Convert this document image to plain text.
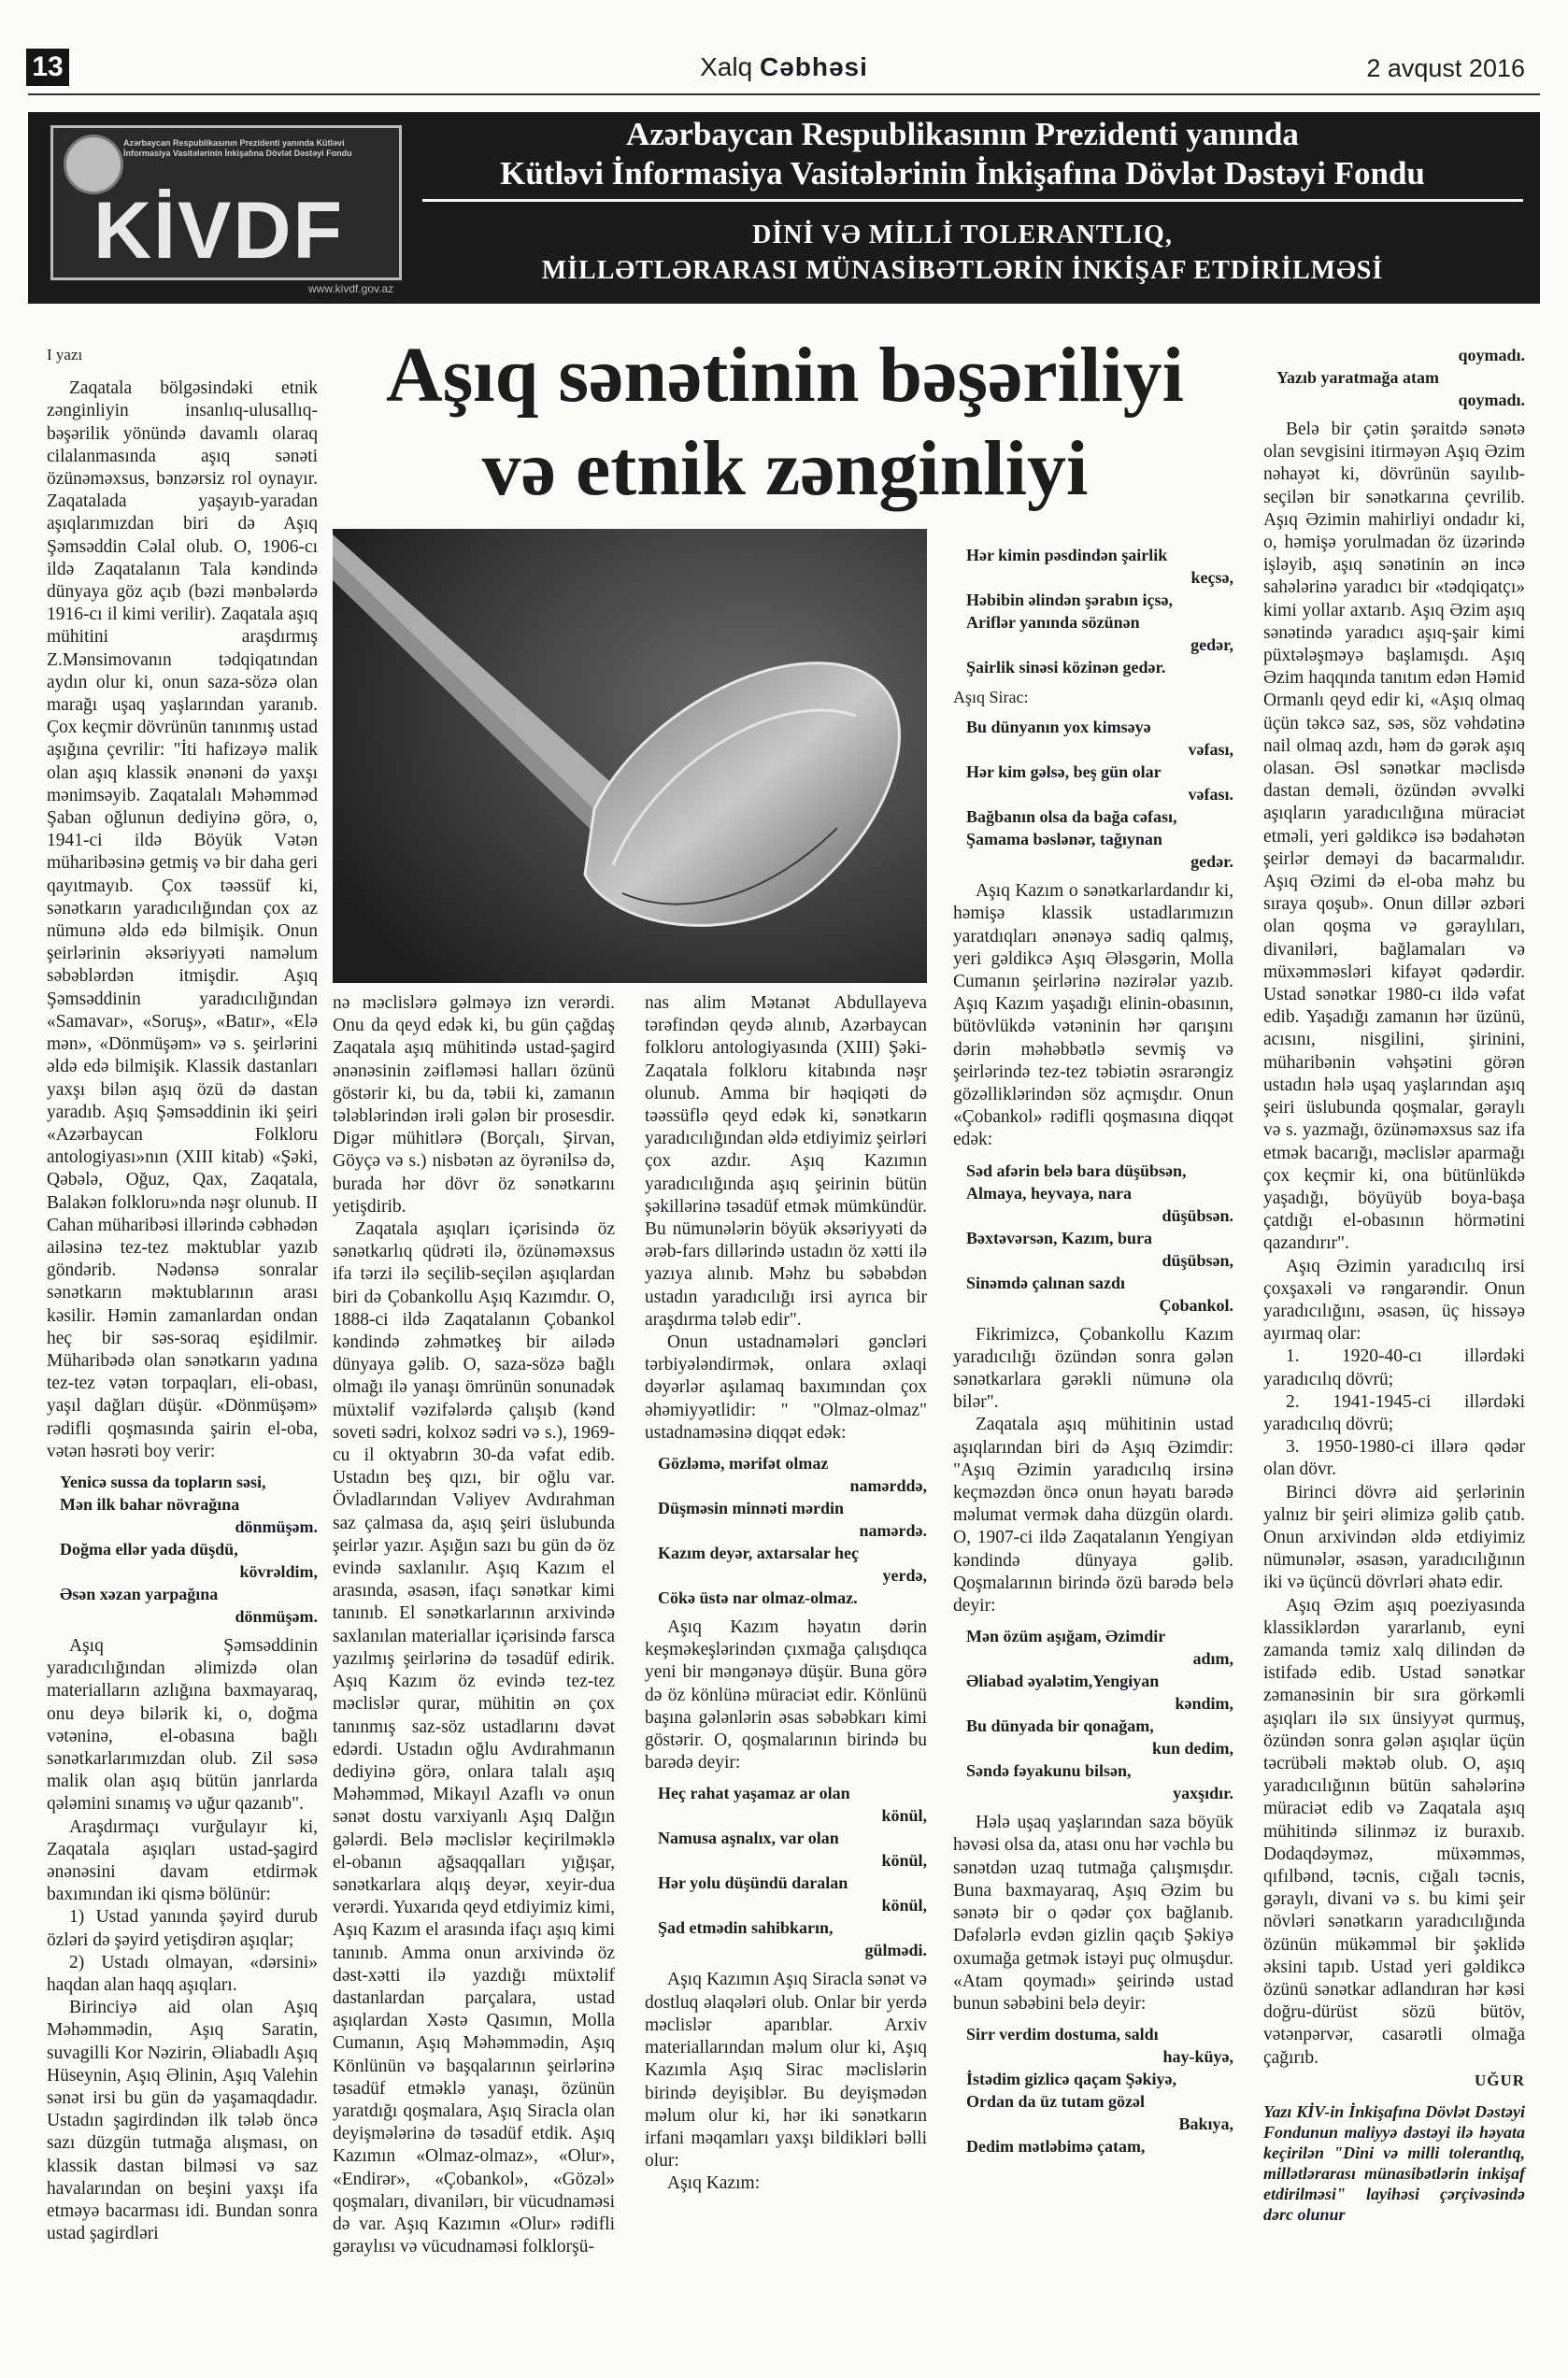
13	Xalq Cəbhəsi	2 avqust 2016
Azərbaycan Respublikasının Prezidenti yanında Kütləvi İnformasiya Vasitələrinin İnkişafına Dövlət Dəstəyi Fondu
KİVDF
www.kivdf.gov.az
Azərbaycan Respublikasının Prezidenti yanında
Kütləvi İnformasiya Vasitələrinin İnkişafına Dövlət Dəstəyi Fondu
DİNİ VƏ MİLLİ TOLERANTLIQ,
MİLLƏTLƏRARASI MÜNASİBƏTLƏRİN İNKİŞAF ETDİRİLMƏSİ
Aşıq sənətinin bəşəriliyi
və etnik zənginliyi

I yazı

Zaqatala bölgəsindəki etnik zənginliyin insanlıq-ulusallıq-bəşərilik yönündə davamlı olaraq cilalanmasında aşıq sənəti özünəməxsus, bənzərsiz rol oynayır. Zaqatalada yaşayıb-yaradan aşıqlarımızdan biri də Aşıq Şəmsəddin Cəlal olub. O, 1906-cı ildə Zaqatalanın Tala kəndində dünyaya göz açıb (bəzi mənbələrdə 1916-cı il kimi verilir). Zaqatala aşıq mühitini araşdırmış Z.Mənsimovanın tədqiqatından aydın olur ki, onun saza-sözə olan marağı uşaq yaşlarından yaranıb. Çox keçmir dövrünün tanınmış ustad aşığına çevrilir: "İti hafizəyə malik olan aşıq klassik ənənəni də yaxşı mənimsəyib. Zaqatalalı Məhəmməd Şaban oğlunun dediyinə görə, o, 1941-ci ildə Böyük Vətən müharibəsinə getmiş və bir daha geri qayıtmayıb. Çox təəssüf ki, sənətkarın yaradıcılığından çox az nümunə əldə edə bilmişik. Onun şeirlərinin əksəriyyəti naməlum səbəblərdən itmişdir. Aşıq Şəmsəddinin yaradıcılığından «Samavar», «Soruş», «Batır», «Elə mən», «Dönmüşəm» və s. şeirlərini əldə edə bilmişik. Klassik dastanları yaxşı bilən aşıq özü də dastan yaradıb. Aşıq Şəmsəddinin iki şeiri «Azərbaycan Folkloru antologiyası»nın (XIII kitab) «Şəki, Qəbələ, Oğuz, Qax, Zaqatala, Balakən folkloru»nda nəşr olunub. II Cahan müharibəsi illərində cəbhədən ailəsinə tez-tez məktublar yazıb göndərib. Nədənsə sonralar sənətkarın məktublarının arası kəsilir. Həmin zamanlardan ondan heç bir səs-soraq eşidilmir. Müharibədə olan sənətkarın yadına tez-tez vətən torpaqları, eli-obası, yaşıl dağları düşür. «Dönmüşəm» rədifli qoşmasında şairin el-oba, vətən həsrəti boy verir:

Yenicə sussa da topların səsi,
Mən ilk bahar növrağına
dönmüşəm.
Doğma ellər yada düşdü,
kövrəldim,
Əsən xəzan yarpağına
dönmüşəm.

Aşıq Şəmsəddinin yaradıcılığından əlimizdə olan materialların azlığına baxmayaraq, onu deyə bilərik ki, o, doğma vətəninə, el-obasına bağlı sənətkarlarımızdan olub. Zil səsə malik olan aşıq bütün janrlarda qələmini sınamış və uğur qazanıb".

Araşdırmaçı vurğulayır ki, Zaqatala aşıqları ustad-şagird ənənəsini davam etdirmək baxımından iki qismə bölünür:

1) Ustad yanında şəyird durub özləri də şəyird yetişdirən aşıqlar;

2) Ustadı olmayan, «dərsini» haqdan alan haqq aşıqları.

Birinciyə aid olan Aşıq Məhəmmədin, Aşıq Saratin, suvagilli Kor Nəzirin, Əliabadlı Aşıq Hüseynin, Aşıq Əlinin, Aşıq Valehin sənət irsi bu gün də yaşamaqdadır. Ustadın şagirdindən ilk tələb öncə sazı düzgün tutmağa alışması, on klassik dastan bilməsi və saz havalarından on beşini yaxşı ifa etməyə bacarması idi. Bundan sonra ustad şagirdləri

nə məclislərə gəlməyə izn verərdi. Onu da qeyd edək ki, bu gün çağdaş Zaqatala aşıq mühitində ustad-şagird ənənəsinin zəifləməsi halları özünü göstərir ki, bu da, təbii ki, zamanın tələblərindən irəli gələn bir prosesdir. Digər mühitlərə (Borçalı, Şirvan, Göyçə və s.) nisbətən az öyrənilsə də, burada hər dövr öz sənətkarını yetişdirib.

Zaqatala aşıqları içərisində öz sənətkarlıq qüdrəti ilə, özünəməxsus ifa tərzi ilə seçilib-seçilən aşıqlardan biri də Çobankollu Aşıq Kazımdır. O, 1888-ci ildə Zaqatalanın Çobankol kəndində zəhmətkeş bir ailədə dünyaya gəlib. O, saza-sözə bağlı olmağı ilə yanaşı ömrünün sonunadək müxtəlif vəzifələrdə çalışıb (kənd soveti sədri, kolxoz sədri və s.), 1969-cu il oktyabrın 30-da vəfat edib. Ustadın beş qızı, bir oğlu var. Övladlarından Vəliyev Avdırahman saz çalmasa da, aşıq şeiri üslubunda şeirlər yazır. Aşığın sazı bu gün də öz evində saxlanılır. Aşıq Kazım el arasında, əsasən, ifaçı sənətkar kimi tanınıb. El sənətkarlarının arxivində saxlanılan materiallar içərisində farsca yazılmış şeirlərinə də təsadüf edirik. Aşıq Kazım öz evində tez-tez məclislər qurar, mühitin ən çox tanınmış saz-söz ustadlarını dəvət edərdi. Ustadın oğlu Avdırahmanın dediyinə görə, onlara talalı aşıq Məhəmməd, Mikayıl Azaflı və onun sənət dostu varxiyanlı Aşıq Dalğın gələrdi. Belə məclislər keçirilməklə el-obanın ağsaqqalları yığışar, sənətkarlara alqış deyər, xeyir-dua verərdi. Yuxarıda qeyd etdiyimiz kimi, Aşıq Kazım el arasında ifaçı aşıq kimi tanınıb. Amma onun arxivində öz dəst-xətti ilə yazdığı müxtəlif dastanlardan parçalara, ustad aşıqlardan Xəstə Qasımın, Molla Cumanın, Aşıq Məhəmmədin, Aşıq Könlünün və başqalarının şeirlərinə təsadüf etməklə yanaşı, özünün yaratdığı qoşmalara, Aşıq Siracla olan deyişmələrinə də təsadüf etdik. Aşıq Kazımın «Olmaz-olmaz», «Olur», «Endirər», «Çobankol», «Gözəl» qoşmaları, divanilərı, bir vücudnaməsi də var. Aşıq Kazımın «Olur» rədifli gəraylısı və vücudnaməsi folklorşü-

nas alim Mətanət Abdullayeva tərəfindən qeydə alınıb, Azərbaycan folkloru antologiyasında (XIII) Şəki-Zaqatala folkloru kitabında nəşr olunub. Amma bir həqiqəti də təəssüflə qeyd edək ki, sənətkarın yaradıcılığından əldə etdiyimiz şeirləri çox azdır. Aşıq Kazımın yaradıcılığında aşıq şeirinin bütün şəkillərinə təsadüf etmək mümkündür. Bu nümunələrin böyük əksəriyyəti də ərəb-fars dillərində ustadın öz xətti ilə yazıya alınıb. Məhz bu səbəbdən ustadın yaradıcılığı irsi ayrıca bir araşdırma tələb edir".

Onun ustadnamələri gəncləri tərbiyələndirmək, onlara əxlaqi dəyərlər aşılamaq baxımından çox əhəmiyyətlidir: " "Olmaz-olmaz" ustadnaməsinə diqqət edək:

Gözləmə, mərifət olmaz
namərddə,
Düşməsin minnəti mərdin
namərdə.
Kazım deyər, axtarsalar heç
yerdə,
Cökə üstə nar olmaz-olmaz.

Aşıq Kazım həyatın dərin keşməkeşlərindən çıxmağa çalışdıqca yeni bir məngənəyə düşür. Buna görə də öz könlünə müraciət edir. Könlünü başına gələnlərin əsas səbəbkarı kimi göstərir. O, qoşmalarının birində bu barədə deyir:

Heç rahat yaşamaz ar olan
könül,
Namusa aşnalıx, var olan
könül,
Hər yolu düşündü daralan
könül,
Şad etmədin sahibkarın,
gülmədi.

Aşıq Kazımın Aşıq Siracla sənət və dostluq əlaqələri olub. Onlar bir yerdə məclislər aparıblar. Arxiv materiallarından məlum olur ki, Aşıq Kazımla Aşıq Sirac məclislərin birində deyişiblər. Bu deyişmədən məlum olur ki, hər iki sənətkarın irfani məqamları yaxşı bildikləri bəlli olur:

Aşıq Kazım:

Hər kimin pəsdindən şairlik
keçsə,
Həbibin əlindən şərabın içsə,
Ariflər yanında sözünən
gedər,
Şairlik sinəsi közinən gedər.

Aşıq Sirac:

Bu dünyanın yox kimsəyə
vəfası,
Hər kim gəlsə, beş gün olar
vəfası.
Bağbanın olsa da bağa cəfası,
Şamama bəslənər, tağıynan
gedər.

Aşıq Kazım o sənətkarlardandır ki, həmişə klassik ustadlarımızın yaratdıqları ənənəyə sadiq qalmış, yeri gəldikcə Aşıq Ələsgərin, Molla Cumanın şeirlərinə nəzirələr yazıb. Aşıq Kazım yaşadığı elinin-obasının, bütövlükdə vətəninin hər qarışını dərin məhəbbətlə sevmiş və şeirlərində tez-tez təbiətin əsrarəngiz gözəlliklərindən söz açmışdır. Onun «Çobankol» rədifli qoşmasına diqqət edək:

Səd afərin belə bara düşübsən,
Almaya, heyvaya, nara
düşübsən.
Bəxtəvərsən, Kazım, bura
düşübsən,
Sinəmdə çalınan sazdı
Çobankol.

Fikrimizcə, Çobankollu Kazım yaradıcılığı özündən sonra gələn sənətkarlara gərəkli nümunə ola bilər".

Zaqatala aşıq mühitinin ustad aşıqlarından biri də Aşıq Əzimdir: "Aşıq Əzimin yaradıcılıq irsinə keçməzdən öncə onun həyatı barədə məlumat vermək daha düzgün olardı. O, 1907-ci ildə Zaqatalanın Yengiyan kəndində dünyaya gəlib. Qoşmalarının birində özü barədə belə deyir:

Mən özüm aşığam, Əzimdir
adım,
Əliabad əyalətim,Yengiyan
kəndim,
Bu dünyada bir qonağam,
kun dedim,
Səndə fəyakunu bilsən,
yaxşıdır.

Hələ uşaq yaşlarından saza böyük həvəsi olsa da, atası onu hər vəchlə bu sənətdən uzaq tutmağa çalışmışdır. Buna baxmayaraq, Aşıq Əzim bu sənətə bir o qədər çox bağlanıb. Dəfələrlə evdən gizlin qaçıb Şəkiyə oxumağa getmək istəyi puç olmuşdur. «Atam qoymadı» şeirində ustad bunun səbəbini belə deyir:

Sirr verdim dostuma, saldı
hay-küyə,
İstədim gizlicə qaçam Şəkiyə,
Ordan da üz tutam gözəl
Bakıya,
Dedim mətləbimə çatam,
qoymadı.
Yazıb yaratmağa atam
qoymadı.

Belə bir çətin şəraitdə sənətə olan sevgisini itirməyən Aşıq Əzim nəhayət ki, dövrünün sayılıb-seçilən bir sənətkarına çevrilib. Aşıq Əzimin mahirliyi ondadır ki, o, həmişə yorulmadan öz üzərində işləyib, aşıq sənətinin ən incə sahələrinə yaradıcı bir «tədqiqatçı» kimi yollar axtarıb. Aşıq Əzim aşıq sənətində yaradıcı aşıq-şair kimi püxtələşməyə başlamışdı. Aşıq Əzim haqqında tanıtım edən Həmid Ormanlı qeyd edir ki, «Aşıq olmaq üçün təkcə saz, səs, söz vəhdətinə nail olmaq azdı, həm də gərək aşıq olasan. Əsl sənətkar məclisdə dastan deməli, özündən əvvəlki aşıqların yaradıcılığına müraciət etməli, yeri gəldikcə isə bədahətən şeirlər deməyi də bacarmalıdır. Aşıq Əzimi də el-oba məhz bu sıraya qoşub». Onun dillər əzbəri olan qoşma və gəraylıları, divaniləri, bağlamaları və müxəmməsləri kifayət qədərdir. Ustad sənətkar 1980-cı ildə vəfat edib. Yaşadığı zamanın hər üzünü, acısını, nisgilini, şirinini, müharibənin vəhşətini görən ustadın hələ uşaq yaşlarından aşıq şeiri üslubunda qoşmalar, gəraylı və s. yazmağı, özünəməxsus saz ifa etmək bacarığı, məclislər aparmağı çox keçmir ki, ona bütünlükdə yaşadığı, böyüyüb boya-başa çatdığı el-obasının hörmətini qazandırır".

Aşıq Əzimin yaradıcılıq irsi çoxşaxəli və rəngarəndir. Onun yaradıcılığını, əsasən, üç hissəyə ayırmaq olar:

1. 1920-40-cı illərdəki yaradıcılıq dövrü;

2. 1941-1945-ci illərdəki yaradıcılıq dövrü;

3. 1950-1980-ci illərə qədər olan dövr.

Birinci dövrə aid şerlərinin yalnız bir şeiri əlimizə gəlib çatıb. Onun arxivindən əldə etdiyimiz nümunələr, əsasən, yaradıcılığının iki və üçüncü dövrləri əhatə edir.

Aşıq Əzim aşıq poeziyasında klassiklərdən yararlanıb, eyni zamanda təmiz xalq dilindən də istifadə edib. Ustad sənətkar zəmanəsinin bir sıra görkəmli aşıqları ilə sıx ünsiyyət qurmuş, özündən sonra gələn aşıqlar üçün təcrübəli məktəb olub. O, aşıq yaradıcılığının bütün sahələrinə müraciət edib və Zaqatala aşıq mühitində silinməz iz buraxıb. Dodaqdəyməz, müxəmməs, qıfılbənd, təcnis, cığalı təcnis, gəraylı, divani və s. bu kimi şeir növləri sənətkarın yaradıcılığında özünün mükəmməl bir şəklidə əksini tapıb. Ustad yeri gəldikcə özünü sənətkar adlandıran hər kəsi doğru-dürüst sözü bütöv, vətənpərvər, casarətli olmağa çağırıb.

UĞUR
Yazı KİV-in İnkişafına Dövlət Dəstəyi Fondunun maliyyə dəstəyi ilə həyata keçirilən "Dini və milli tolerantlıq, millətlərarası münasibətlərin inkişaf etdirilməsi" layihəsi çərçivəsində dərc olunur
